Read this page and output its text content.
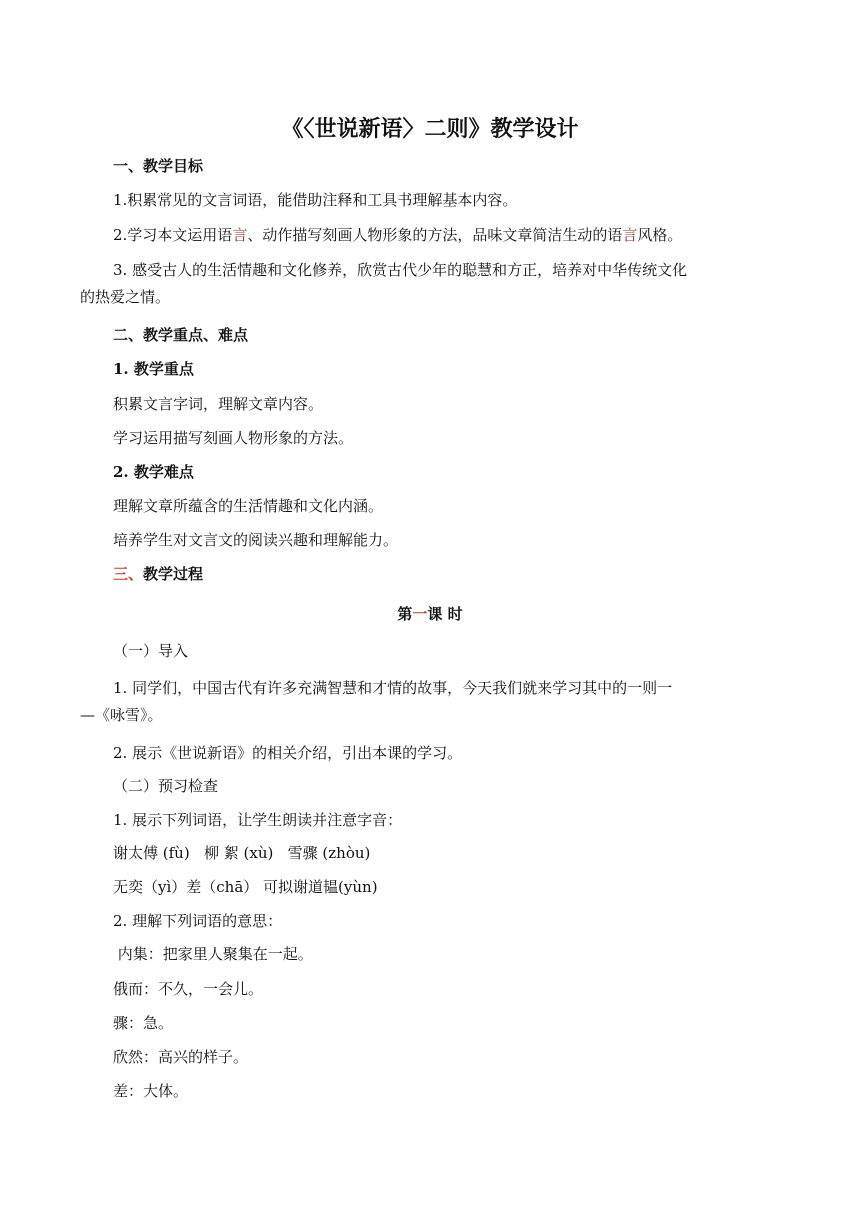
《〈世说新语〉二则》教学设计
一、教学目标
1.积累常见的文言词语，能借助注释和工具书理解基本内容。
2.学习本文运用语言、动作描写刻画人物形象的方法，品味文章简洁生动的语言风格。
3. 感受古人的生活情趣和文化修养，欣赏古代少年的聪慧和方正，培养对中华传统文化
的热爱之情。
二、教学重点、难点
1. 教学重点
积累文言字词，理解文章内容。
学习运用描写刻画人物形象的方法。
2. 教学难点
理解文章所蕴含的生活情趣和文化内涵。
培养学生对文言文的阅读兴趣和理解能力。
三、教学过程
第一课 时
（一）导入
1. 同学们，中国古代有许多充满智慧和才情的故事，今天我们就来学习其中的一则一
—《咏雪》。
2. 展示《世说新语》的相关介绍，引出本课的学习。
（二）预习检查
1. 展示下列词语，让学生朗读并注意字音：
谢太傅 (fù)   柳 絮 (xù)   雪骤 (zhòu)
无奕（yì）差（chā） 可拟谢道韫(yùn)
2. 理解下列词语的意思：
内集：把家里人聚集在一起。
俄而：不久，一会儿。
骤：急。
欣然：高兴的样子。
差：大体。
